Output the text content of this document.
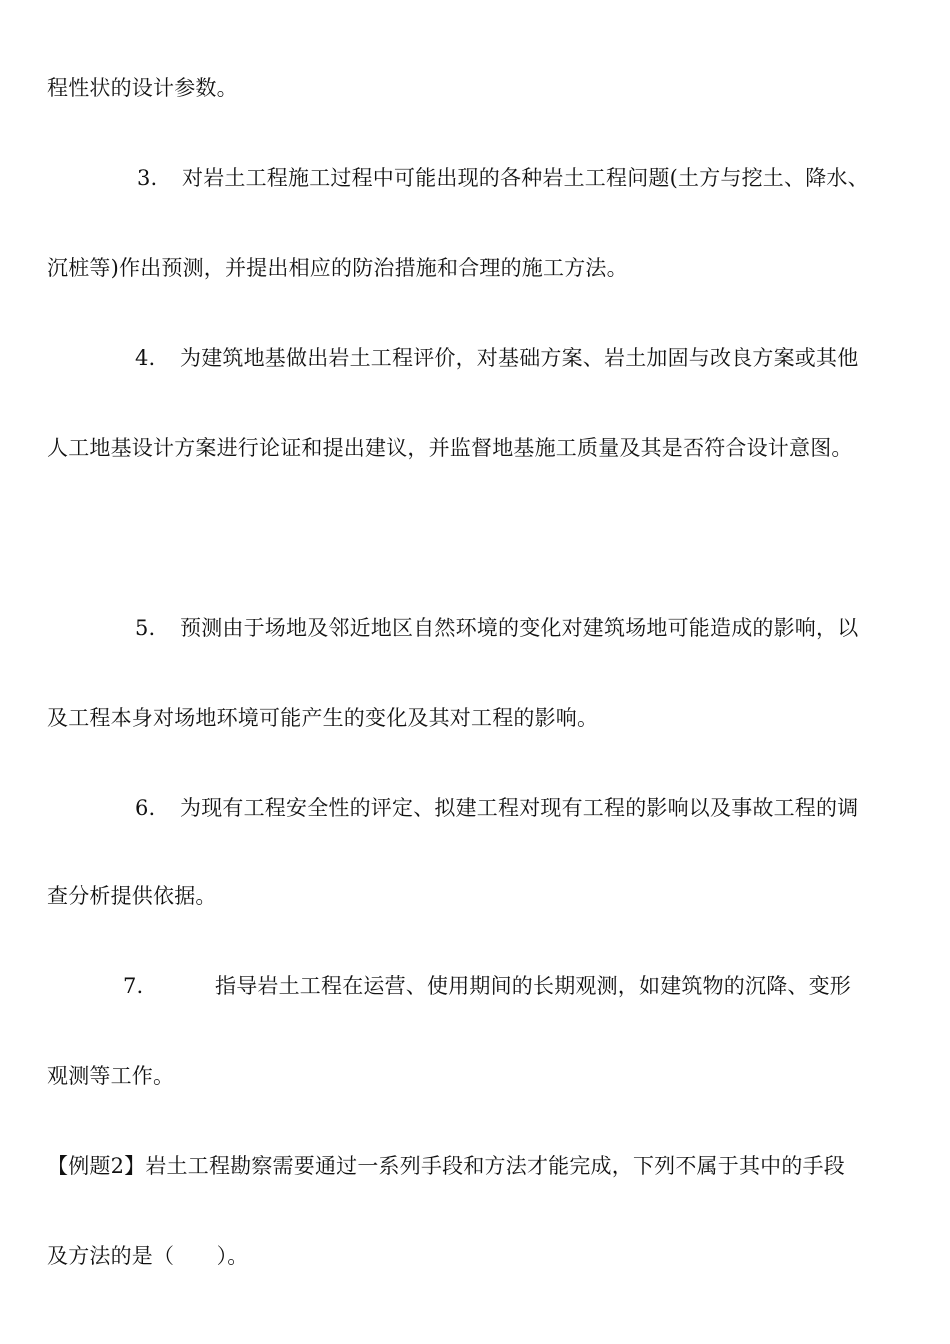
程性状的设计参数。
3. 对岩土工程施工过程中可能出现的各种岩土工程问题(土方与挖土、降水、
沉桩等)作出预测，并提出相应的防治措施和合理的施工方法。
4. 为建筑地基做出岩土工程评价，对基础方案、岩土加固与改良方案或其他
人工地基设计方案进行论证和提出建议，并监督地基施工质量及其是否符合设计意图。
5. 预测由于场地及邻近地区自然环境的变化对建筑场地可能造成的影响，以
及工程本身对场地环境可能产生的变化及其对工程的影响。
6. 为现有工程安全性的评定、拟建工程对现有工程的影响以及事故工程的调
查分析提供依据。
7.	指导岩土工程在运营、使用期间的长期观测，如建筑物的沉降、变形
观测等工作。
【例题2】岩土工程勘察需要通过一系列手段和方法才能完成，下列不属于其中的手段
及方法的是（　　）。
